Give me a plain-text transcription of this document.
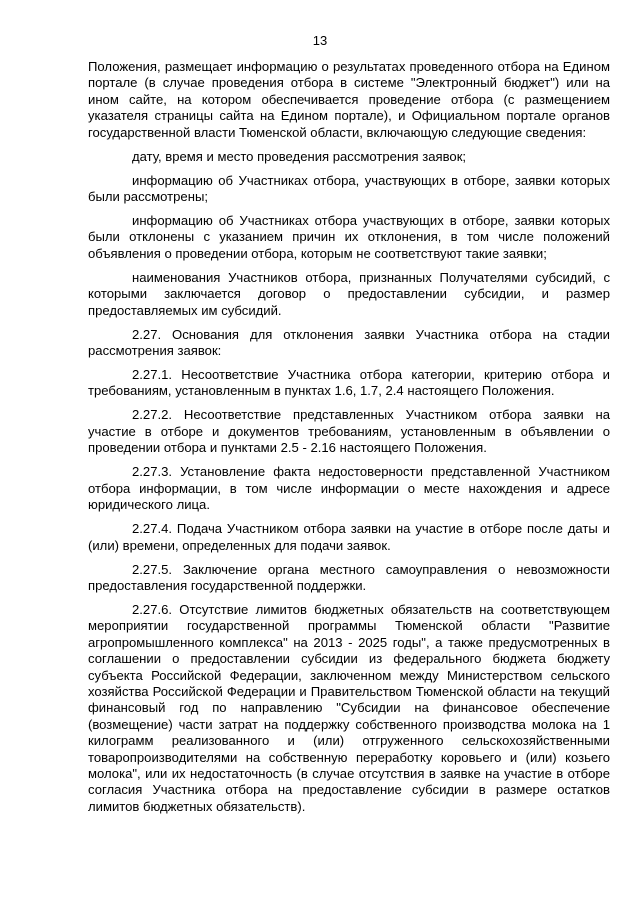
13

Положения, размещает информацию о результатах проведенного отбора на Едином портале (в случае проведения отбора в системе "Электронный бюджет") или на ином сайте, на котором обеспечивается проведение отбора (с размещением указателя страницы сайта на Едином портале), и Официальном портале органов государственной власти Тюменской области, включающую следующие сведения:

дату, время и место проведения рассмотрения заявок;

информацию об Участниках отбора, участвующих в отборе, заявки которых были рассмотрены;

информацию об Участниках отбора участвующих в отборе, заявки которых были отклонены с указанием причин их отклонения, в том числе положений объявления о проведении отбора, которым не соответствуют такие заявки;

наименования Участников отбора, признанных Получателями субсидий, с которыми заключается договор о предоставлении субсидии, и размер предоставляемых им субсидий.

2.27. Основания для отклонения заявки Участника отбора на стадии рассмотрения заявок:

2.27.1. Несоответствие Участника отбора категории, критерию отбора и требованиям, установленным в пунктах 1.6, 1.7, 2.4 настоящего Положения.

2.27.2. Несоответствие представленных Участником отбора заявки на участие в отборе и документов требованиям, установленным в объявлении о проведении отбора и пунктами 2.5 - 2.16 настоящего Положения.

2.27.3. Установление факта недостоверности представленной Участником отбора информации, в том числе информации о месте нахождения и адресе юридического лица.

2.27.4. Подача Участником отбора заявки на участие в отборе после даты и (или) времени, определенных для подачи заявок.

2.27.5. Заключение органа местного самоуправления о невозможности предоставления государственной поддержки.

2.27.6. Отсутствие лимитов бюджетных обязательств на соответствующем мероприятии государственной программы Тюменской области "Развитие агропромышленного комплекса" на 2013 - 2025 годы", а также предусмотренных в соглашении о предоставлении субсидии из федерального бюджета бюджету субъекта Российской Федерации, заключенном между Министерством сельского хозяйства Российской Федерации и Правительством Тюменской области на текущий финансовый год по направлению "Субсидии на финансовое обеспечение (возмещение) части затрат на поддержку собственного производства молока на 1 килограмм реализованного и (или) отгруженного сельскохозяйственными товаропроизводителями на собственную переработку коровьего и (или) козьего молока", или их недостаточность (в случае отсутствия в заявке на участие в отборе согласия Участника отбора на предоставление субсидии в размере остатков лимитов бюджетных обязательств).
